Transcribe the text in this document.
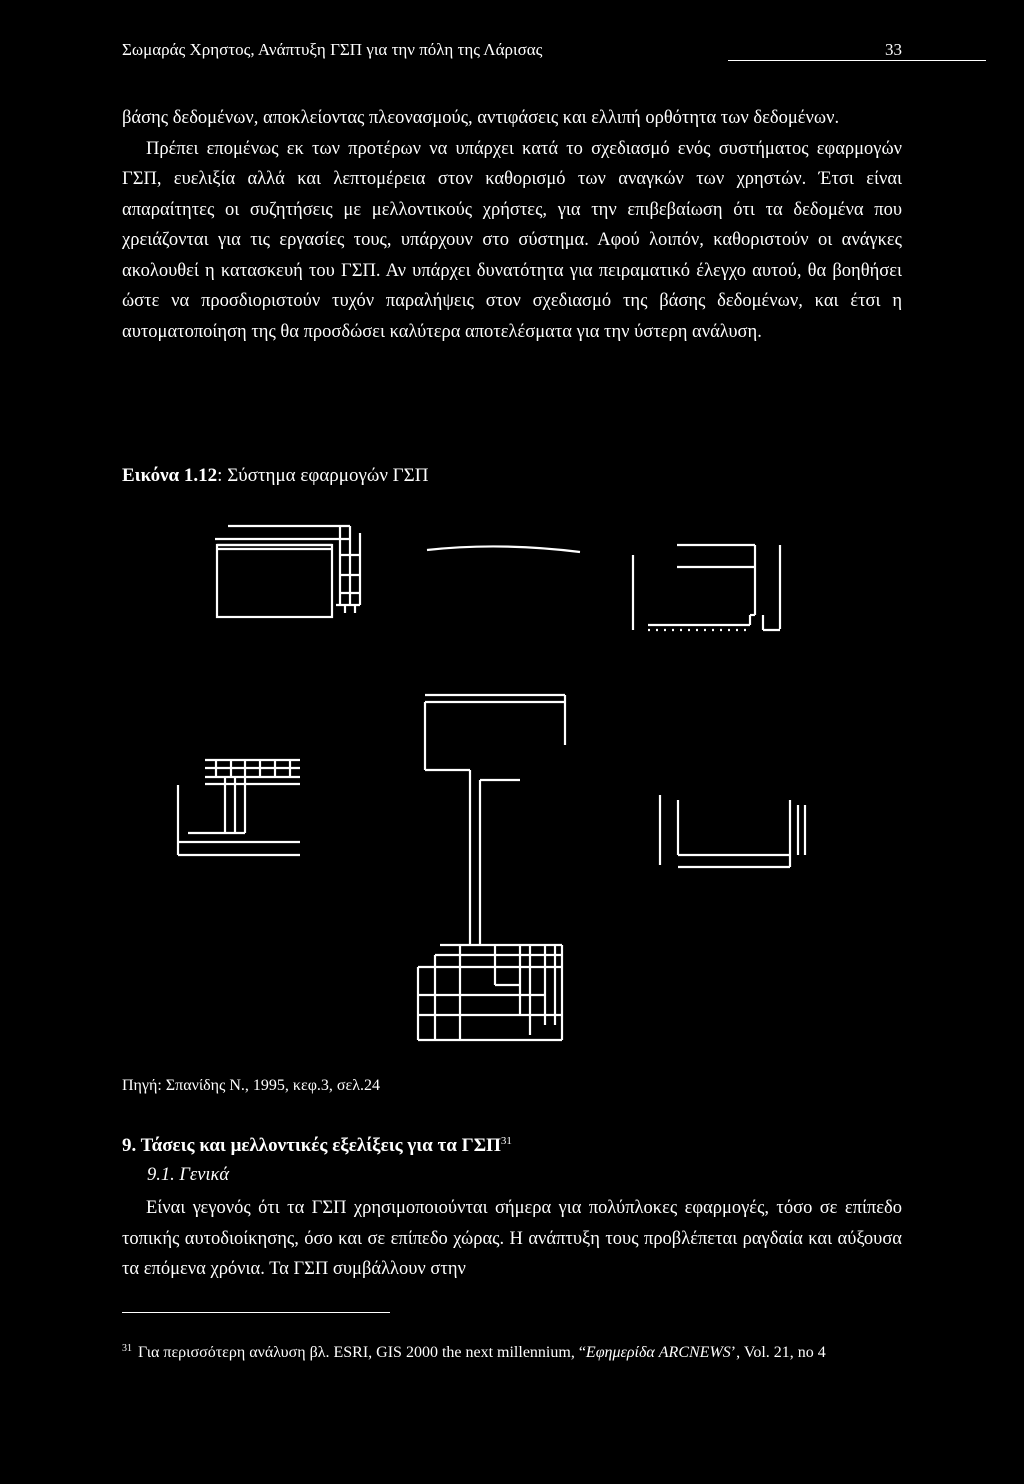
Σωμαράς Χρηστος, Ανάπτυξη ΓΣΠ για την πόλη της Λάρισας	33

βάσης δεδομένων, αποκλείοντας πλεονασμούς, αντιφάσεις και ελλιπή ορθότητα των δεδομένων.

Πρέπει επομένως εκ των προτέρων να υπάρχει κατά το σχεδιασμό ενός συστήματος εφαρμογών ΓΣΠ, ευελιξία αλλά και λεπτομέρεια στον καθορισμό των αναγκών των χρηστών. Έτσι είναι απαραίτητες οι συζητήσεις με μελλοντικούς χρήστες, για την επιβεβαίωση ότι τα δεδομένα που χρειάζονται για τις εργασίες τους, υπάρχουν στο σύστημα. Αφού λοιπόν, καθοριστούν οι ανάγκες ακολουθεί η κατασκευή του ΓΣΠ. Αν υπάρχει δυνατότητα για πειραματικό έλεγχο αυτού, θα βοηθήσει ώστε να προσδιοριστούν τυχόν παραλήψεις στον σχεδιασμό της βάσης δεδομένων, και έτσι η αυτοματοποίηση της θα προσδώσει καλύτερα αποτελέσματα για την ύστερη ανάλυση.

Εικόνα 1.12: Σύστημα εφαρμογών ΓΣΠ
Πηγή: Σπανίδης Ν., 1995, κεφ.3, σελ.24
9. Τάσεις και μελλοντικές εξελίξεις για τα ΓΣΠ$^{31}$
9.1. Γενικά

Είναι γεγονός ότι τα ΓΣΠ χρησιμοποιούνται σήμερα για πολύπλοκες εφαρμογές, τόσο σε επίπεδο τοπικής αυτοδιοίκησης, όσο και σε επίπεδο χώρας. Η ανάπτυξη τους προβλέπεται ραγδαία και αύξουσα τα επόμενα χρόνια. Τα ΓΣΠ συμβάλλουν στην

$^{31}$ Για περισσότερη ανάλυση βλ. ESRI, GIS 2000 the next millennium, “Εφημερίδα ARCNEWS’, Vol. 21, no 4
